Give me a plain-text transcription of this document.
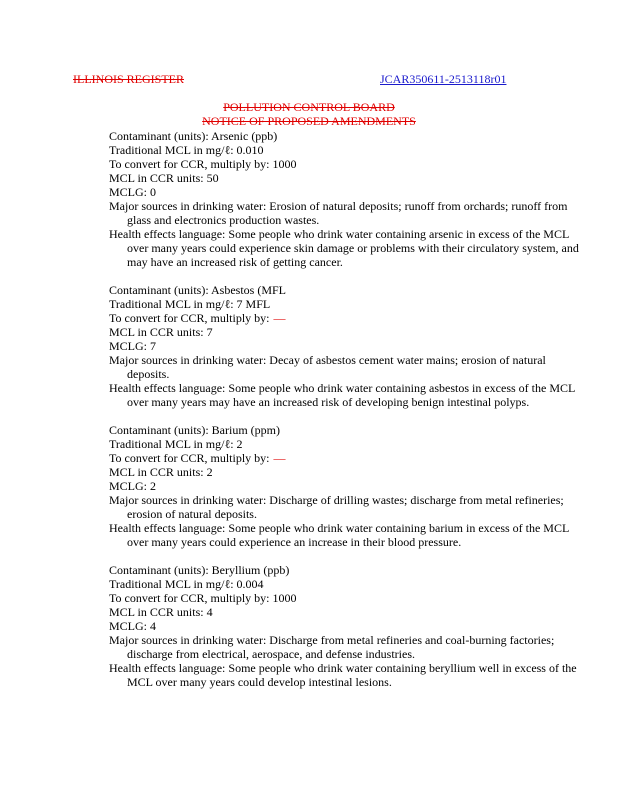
ILLINOIS REGISTER	JCAR350611-2513118r01
POLLUTION CONTROL BOARD
NOTICE OF PROPOSED AMENDMENTS

Contaminant (units): Arsenic (ppb)

Traditional MCL in mg/ℓ: 0.010

To convert for CCR, multiply by: 1000

MCL in CCR units: 50

MCLG: 0

Major sources in drinking water: Erosion of natural deposits; runoff from orchards; runoff from glass and electronics production wastes.

Health effects language: Some people who drink water containing arsenic in excess of the MCL over many years could experience skin damage or problems with their circulatory system, and may have an increased risk of getting cancer.

Contaminant (units): Asbestos (MFL

Traditional MCL in mg/ℓ: 7 MFL

To convert for CCR, multiply by: —

MCL in CCR units: 7

MCLG: 7

Major sources in drinking water: Decay of asbestos cement water mains; erosion of natural deposits.

Health effects language: Some people who drink water containing asbestos in excess of the MCL over many years may have an increased risk of developing benign intestinal polyps.

Contaminant (units): Barium (ppm)

Traditional MCL in mg/ℓ: 2

To convert for CCR, multiply by: —

MCL in CCR units: 2

MCLG: 2

Major sources in drinking water: Discharge of drilling wastes; discharge from metal refineries; erosion of natural deposits.

Health effects language: Some people who drink water containing barium in excess of the MCL over many years could experience an increase in their blood pressure.

Contaminant (units): Beryllium (ppb)

Traditional MCL in mg/ℓ: 0.004

To convert for CCR, multiply by: 1000

MCL in CCR units: 4

MCLG: 4

Major sources in drinking water: Discharge from metal refineries and coal-burning factories; discharge from electrical, aerospace, and defense industries.

Health effects language: Some people who drink water containing beryllium well in excess of the MCL over many years could develop intestinal lesions.
